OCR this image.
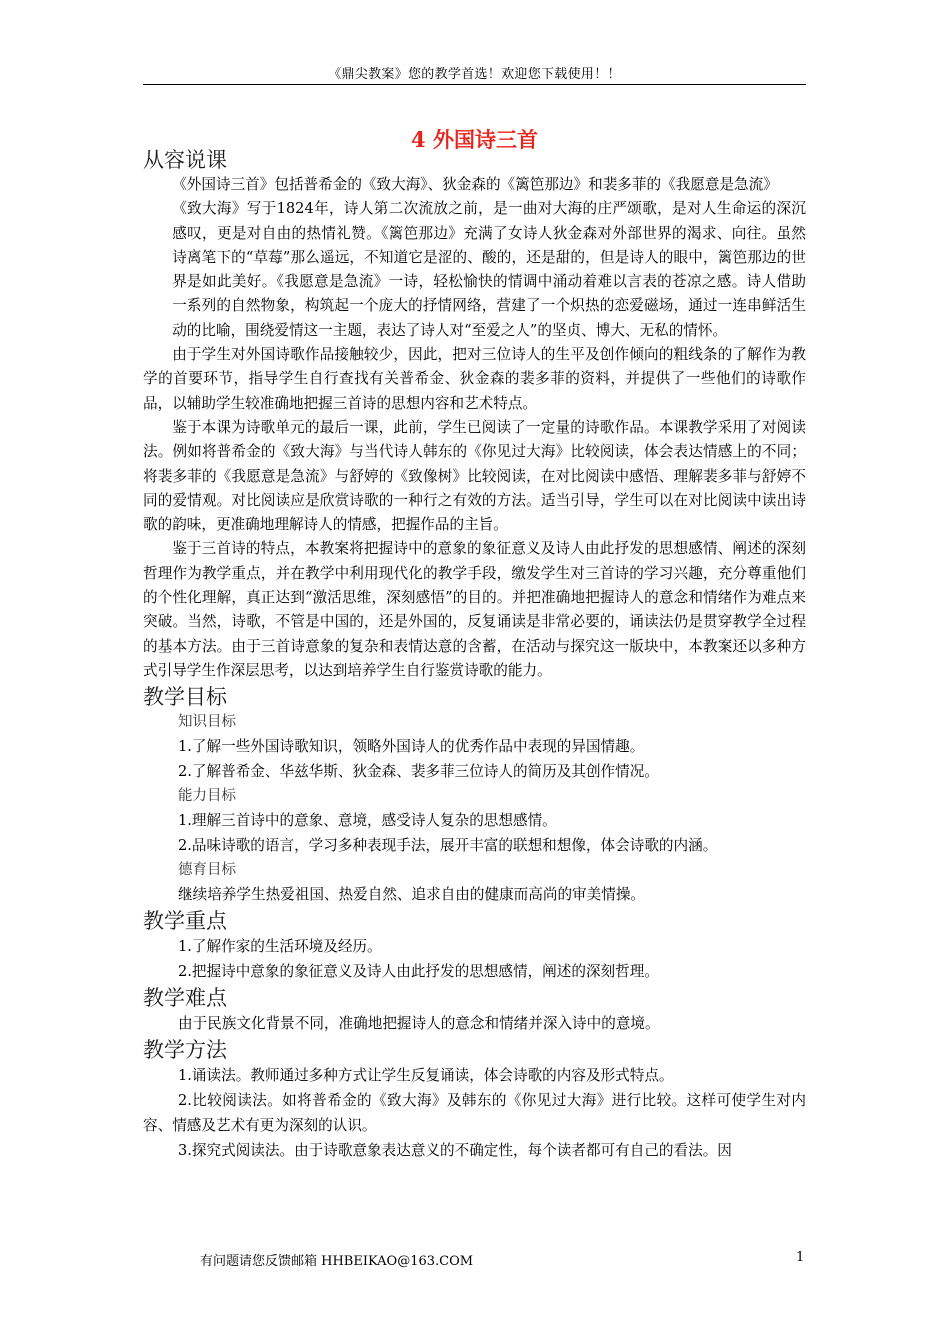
《鼎尖教案》您的教学首选！欢迎您下载使用！！
4 外国诗三首
从容说课

《外国诗三首》包括普希金的《致大海》、狄金森的《篱笆那边》和裴多菲的《我愿意是急流》

《致大海》写于1824年，诗人第二次流放之前，是一曲对大海的庄严颂歌，是对人生命运的深沉感叹，更是对自由的热情礼赞。《篱笆那边》充满了女诗人狄金森对外部世界的渴求、向往。虽然诗离笔下的“草莓”那么遥远，不知道它是涩的、酸的，还是甜的，但是诗人的眼中，篱笆那边的世界是如此美好。《我愿意是急流》一诗，轻松愉快的情调中涌动着难以言表的苍凉之感。诗人借助一系列的自然物象，构筑起一个庞大的抒情网络，营建了一个炽热的恋爱磁场，通过一连串鲜活生动的比喻，围绕爱情这一主题，表达了诗人对“至爱之人”的坚贞、博大、无私的情怀。

由于学生对外国诗歌作品接触较少，因此，把对三位诗人的生平及创作倾向的粗线条的了解作为教学的首要环节，指导学生自行查找有关普希金、狄金森的裴多菲的资料，并提供了一些他们的诗歌作品，以辅助学生较准确地把握三首诗的思想内容和艺术特点。

鉴于本课为诗歌单元的最后一课，此前，学生已阅读了一定量的诗歌作品。本课教学采用了对阅读法。例如将普希金的《致大海》与当代诗人韩东的《你见过大海》比较阅读，体会表达情感上的不同；将裴多菲的《我愿意是急流》与舒婷的《致像树》比较阅读，在对比阅读中感悟、理解裴多菲与舒婷不同的爱情观。对比阅读应是欣赏诗歌的一种行之有效的方法。适当引导，学生可以在对比阅读中读出诗歌的韵味，更准确地理解诗人的情感，把握作品的主旨。

鉴于三首诗的特点，本教案将把握诗中的意象的象征意义及诗人由此抒发的思想感情、阐述的深刻哲理作为教学重点，并在教学中利用现代化的教学手段，缴发学生对三首诗的学习兴趣，充分尊重他们的个性化理解，真正达到“激活思维，深刻感悟”的目的。并把准确地把握诗人的意念和情绪作为难点来突破。当然，诗歌，不管是中国的，还是外国的，反复诵读是非常必要的，诵读法仍是贯穿教学全过程的基本方法。由于三首诗意象的复杂和表情达意的含蓄，在活动与探究这一版块中，本教案还以多种方式引导学生作深层思考，以达到培养学生自行鉴赏诗歌的能力。

教学目标
知识目标
1.了解一些外国诗歌知识，领略外国诗人的优秀作品中表现的异国情趣。
2.了解普希金、华兹华斯、狄金森、裴多菲三位诗人的简历及其创作情况。
能力目标
1.理解三首诗中的意象、意境，感受诗人复杂的思想感情。
2.品味诗歌的语言，学习多种表现手法，展开丰富的联想和想像，体会诗歌的内涵。
德育目标
继续培养学生热爱祖国、热爱自然、追求自由的健康而高尚的审美情操。
教学重点
1.了解作家的生活环境及经历。
2.把握诗中意象的象征意义及诗人由此抒发的思想感情，阐述的深刻哲理。
教学难点
由于民族文化背景不同，准确地把握诗人的意念和情绪并深入诗中的意境。
教学方法
1.诵读法。教师通过多种方式让学生反复诵读，体会诗歌的内容及形式特点。
2.比较阅读法。如将普希金的《致大海》及韩东的《你见过大海》进行比较。这样可使学生对内容、情感及艺术有更为深刻的认识。
3.探究式阅读法。由于诗歌意象表达意义的不确定性，每个读者都可有自己的看法。因
有问题请您反馈邮箱 HHBEIKAO@163.COM	1
